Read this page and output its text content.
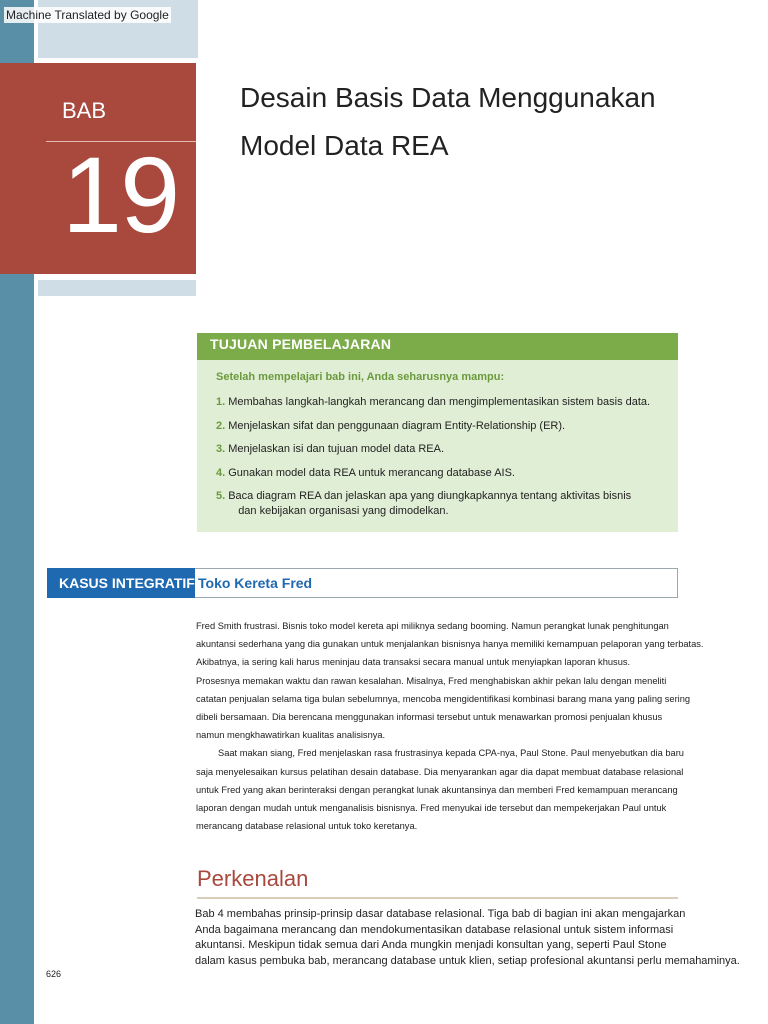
Machine Translated by Google
BAB
19
Desain Basis Data Menggunakan
Model Data REA
TUJUAN PEMBELAJARAN
Setelah mempelajari bab ini, Anda seharusnya mampu:
1. Membahas langkah-langkah merancang dan mengimplementasikan sistem basis data.
2. Menjelaskan sifat dan penggunaan diagram Entity-Relationship (ER).
3. Menjelaskan isi dan tujuan model data REA.
4. Gunakan model data REA untuk merancang database AIS.
5. Baca diagram REA dan jelaskan apa yang diungkapkannya tentang aktivitas bisnis
dan kebijakan organisasi yang dimodelkan.
KASUS INTEGRATIF Toko Kereta Fred

Fred Smith frustrasi. Bisnis toko model kereta api miliknya sedang booming. Namun perangkat lunak penghitungan

akuntansi sederhana yang dia gunakan untuk menjalankan bisnisnya hanya memiliki kemampuan pelaporan yang terbatas.

Akibatnya, ia sering kali harus meninjau data transaksi secara manual untuk menyiapkan laporan khusus.

Prosesnya memakan waktu dan rawan kesalahan. Misalnya, Fred menghabiskan akhir pekan lalu dengan meneliti

catatan penjualan selama tiga bulan sebelumnya, mencoba mengidentifikasi kombinasi barang mana yang paling sering

dibeli bersamaan. Dia berencana menggunakan informasi tersebut untuk menawarkan promosi penjualan khusus

namun mengkhawatirkan kualitas analisisnya.

Saat makan siang, Fred menjelaskan rasa frustrasinya kepada CPA-nya, Paul Stone. Paul menyebutkan dia baru

saja menyelesaikan kursus pelatihan desain database. Dia menyarankan agar dia dapat membuat database relasional

untuk Fred yang akan berinteraksi dengan perangkat lunak akuntansinya dan memberi Fred kemampuan merancang

laporan dengan mudah untuk menganalisis bisnisnya. Fred menyukai ide tersebut dan mempekerjakan Paul untuk

merancang database relasional untuk toko keretanya.

Perkenalan
Bab 4 membahas prinsip-prinsip dasar database relasional. Tiga bab di bagian ini akan mengajarkan
Anda bagaimana merancang dan mendokumentasikan database relasional untuk sistem informasi
akuntansi. Meskipun tidak semua dari Anda mungkin menjadi konsultan yang, seperti Paul Stone
dalam kasus pembuka bab, merancang database untuk klien, setiap profesional akuntansi perlu memahaminya.
626
